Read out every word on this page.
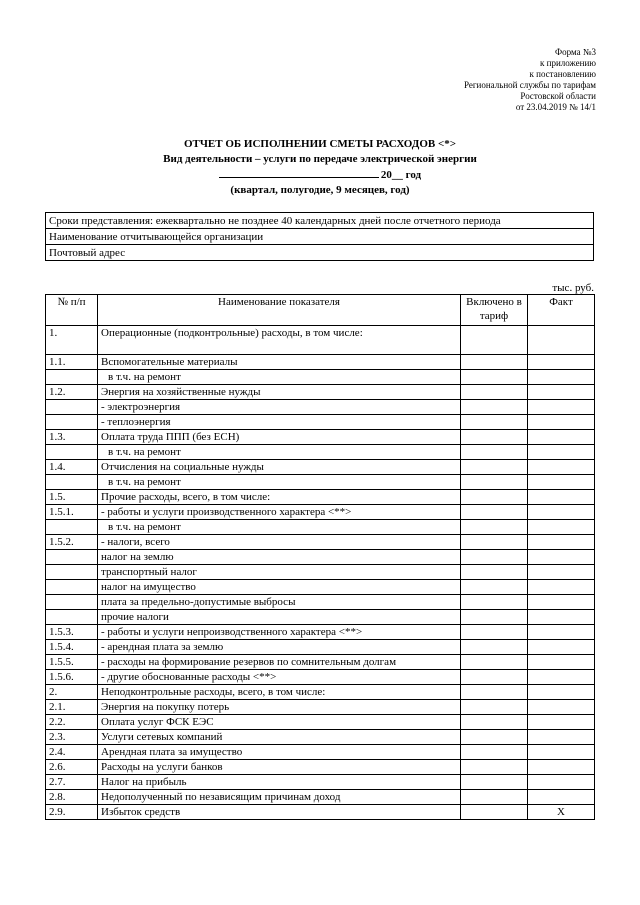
Форма №3
к приложению
к постановлению
Региональной службы по тарифам
Ростовской области
от 23.04.2019 № 14/1
ОТЧЕТ ОБ ИСПОЛНЕНИИ СМЕТЫ РАСХОДОВ <*>
Вид деятельности – услуги по передаче электрической энергии
20__ год
(квартал, полугодие, 9 месяцев, год)
Сроки представления: ежеквартально не позднее 40 календарных дней после отчетного периода
Наименование отчитывающейся организации
Почтовый адрес
тыс. руб.
№ п/п	Наименование показателя	Включено в тариф	Факт
1.	Операционные (подконтрольные) расходы, в том числе:		
1.1.	Вспомогательные материалы		
	в т.ч. на ремонт		
1.2.	Энергия на хозяйственные нужды		
	- электроэнергия		
	- теплоэнергия		
1.3.	Оплата труда ППП (без ЕСН)		
	в т.ч. на ремонт		
1.4.	Отчисления на социальные нужды		
	в т.ч. на ремонт		
1.5.	Прочие расходы, всего, в том числе:		
1.5.1.	- работы и услуги производственного характера <**>		
	в т.ч. на ремонт		
1.5.2.	- налоги, всего		
	налог на землю		
	транспортный налог		
	налог на имущество		
	плата за предельно-допустимые выбросы		
	прочие налоги		
1.5.3.	- работы и услуги непроизводственного характера <**>		
1.5.4.	- арендная плата за землю		
1.5.5.	- расходы на формирование резервов по сомнительным долгам		
1.5.6.	- другие обоснованные расходы <**>		
2.	Неподконтрольные расходы, всего, в том числе:		
2.1.	Энергия на покупку потерь		
2.2.	Оплата услуг ФСК ЕЭС		
2.3.	Услуги сетевых компаний		
2.4.	Арендная плата за имущество		
2.6.	Расходы на услуги банков		
2.7.	Налог на прибыль		
2.8.	Недополученный по независящим причинам доход		
2.9.	Избыток средств		X
